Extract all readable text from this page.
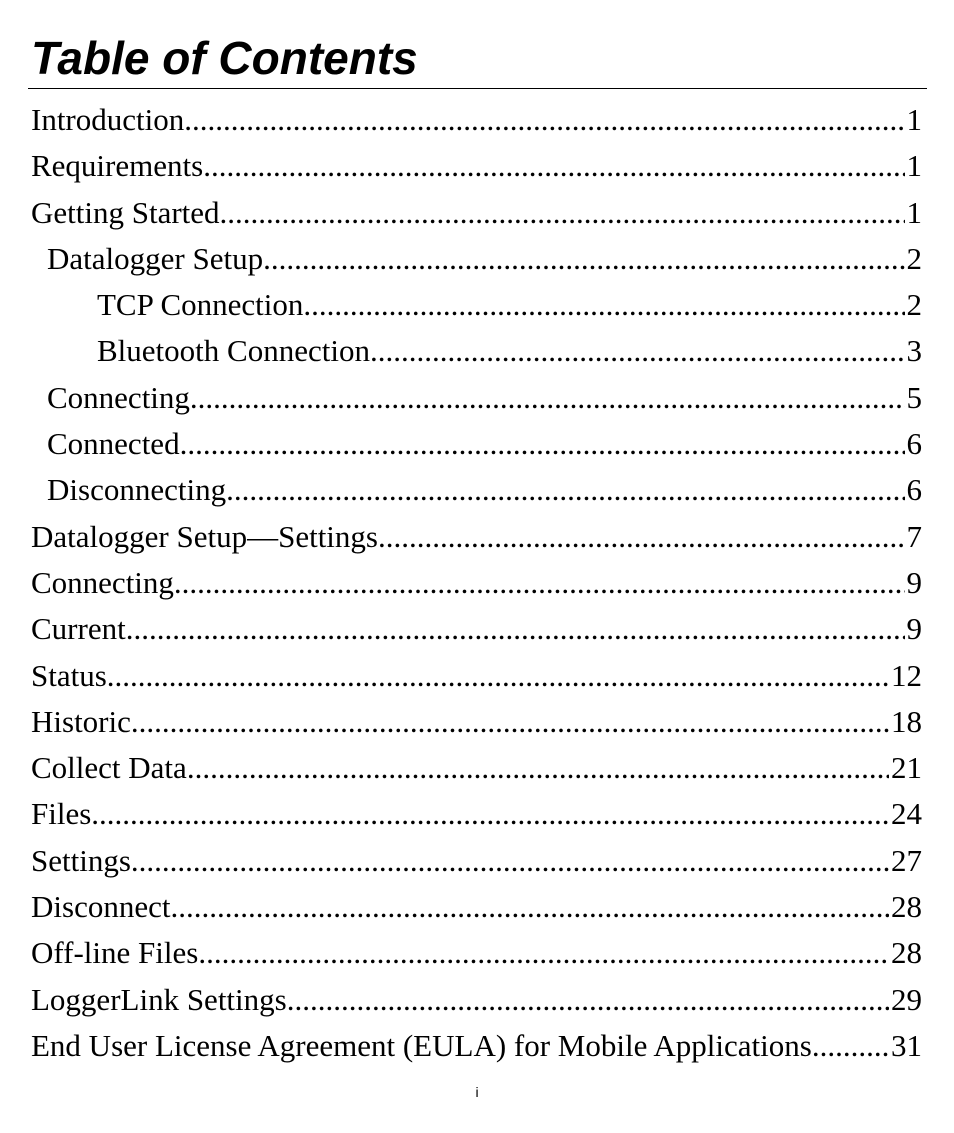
Table of Contents
Introduction .....	1
Requirements .....	1
Getting Started .....	1
Datalogger Setup .....	2
TCP Connection .....	2
Bluetooth Connection .....	3
Connecting .....	5
Connected .....	6
Disconnecting .....	6
Datalogger Setup—Settings .....	7
Connecting .....	9
Current .....	9
Status .....	12
Historic .....	18
Collect Data .....	21
Files .....	24
Settings .....	27
Disconnect .....	28
Off-line Files .....	28
LoggerLink Settings .....	29
End User License Agreement (EULA) for Mobile Applications .....	31
i
